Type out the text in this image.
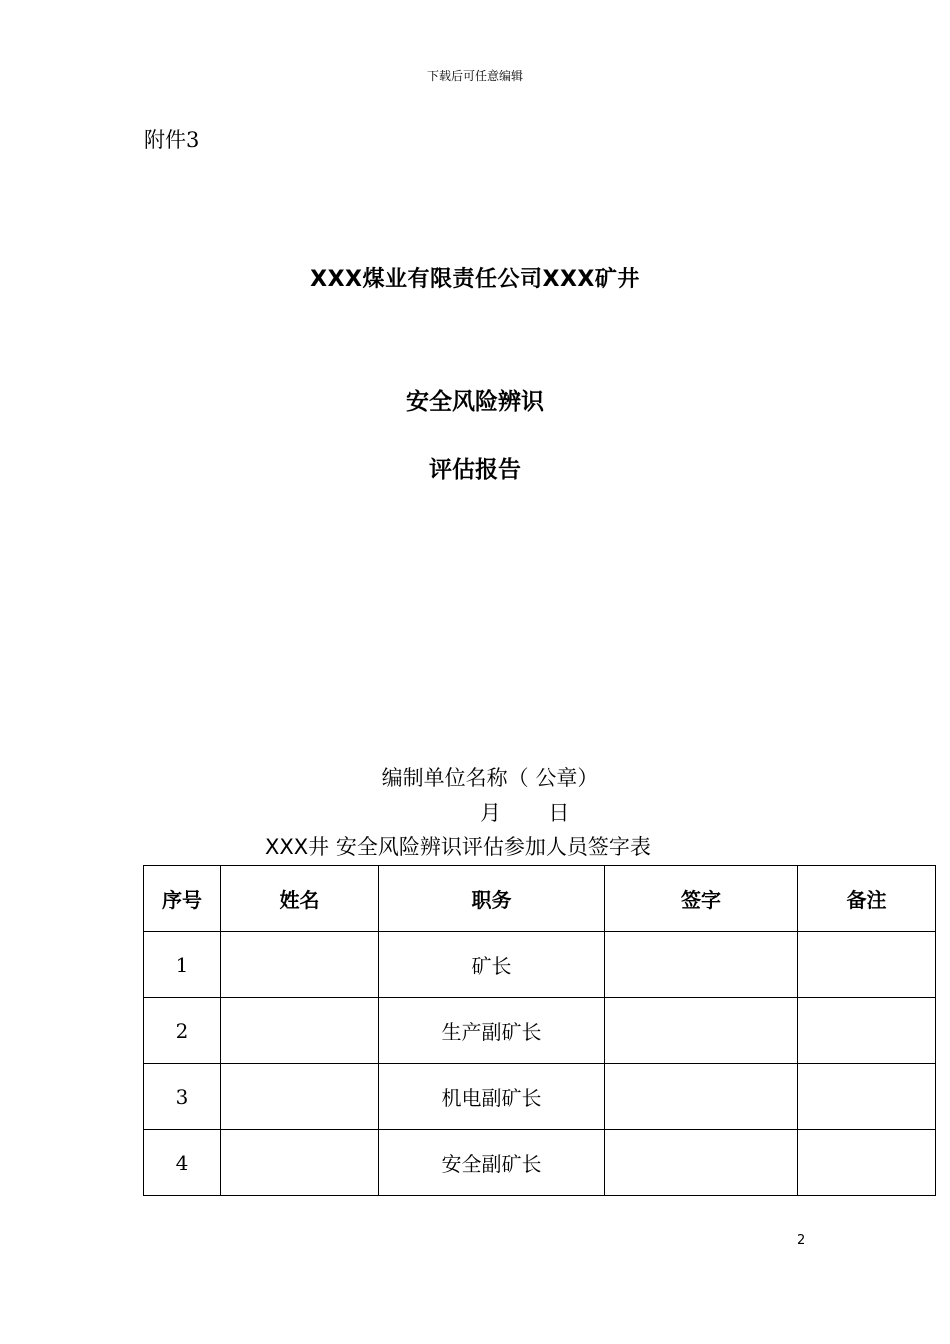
下载后可任意编辑
附件3
XXX煤业有限责任公司XXX矿井
安全风险辨识
评估报告
编制单位名称（ 公章）
月 日
XXX井 安全风险辨识评估参加人员签字表
序号	姓名	职务	签字	备注
1		矿长		
2		生产副矿长		
3		机电副矿长		
4		安全副矿长		
2
